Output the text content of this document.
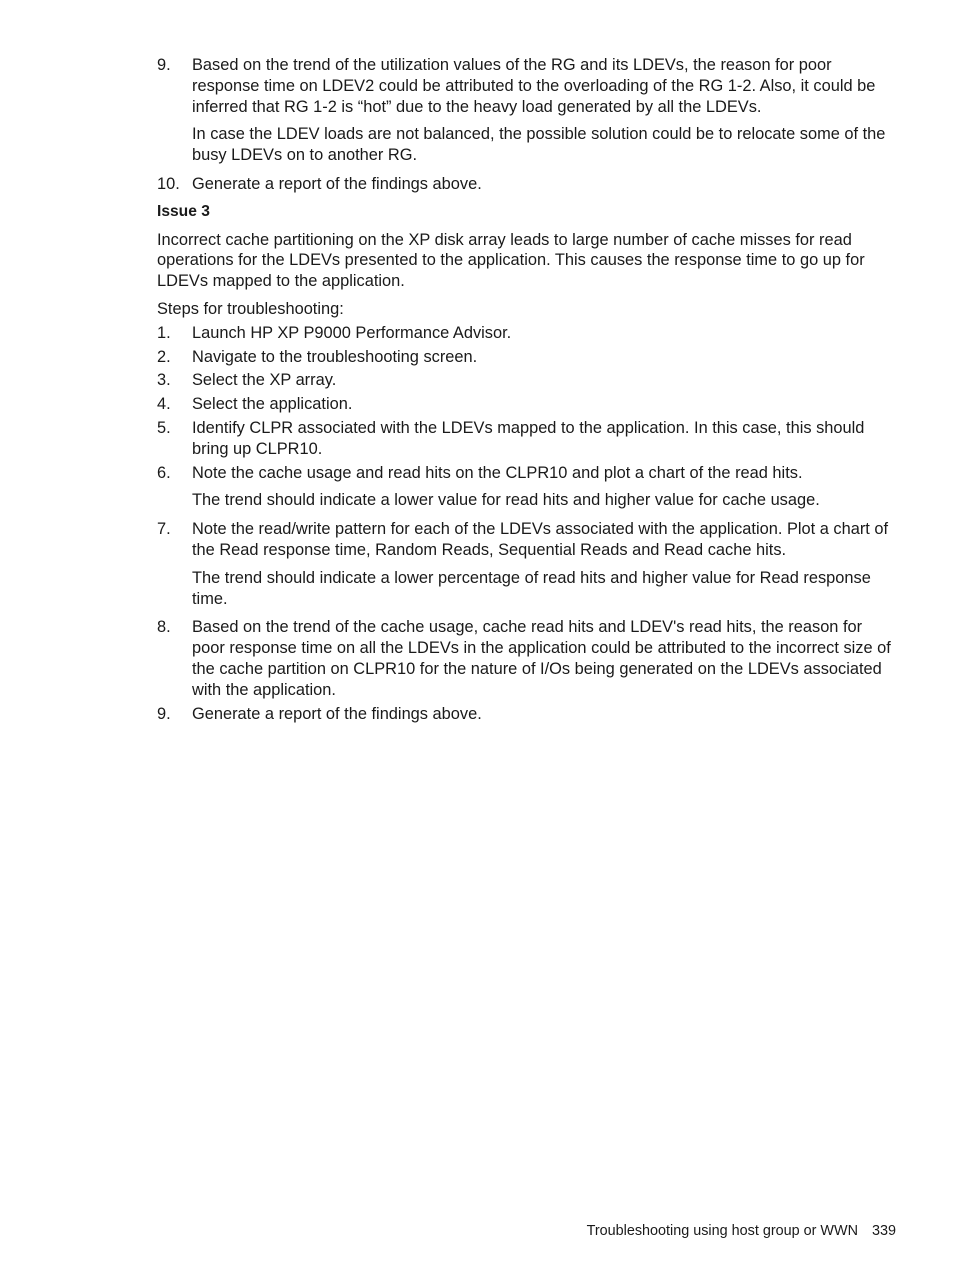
9. Based on the trend of the utilization values of the RG and its LDEVs, the reason for poor response time on LDEV2 could be attributed to the overloading of the RG 1-2. Also, it could be inferred that RG 1-2 is “hot” due to the heavy load generated by all the LDEVs.

In case the LDEV loads are not balanced, the possible solution could be to relocate some of the busy LDEVs on to another RG.

10. Generate a report of the findings above.

Issue 3

Incorrect cache partitioning on the XP disk array leads to large number of cache misses for read operations for the LDEVs presented to the application. This causes the response time to go up for LDEVs mapped to the application.

Steps for troubleshooting:

1. Launch HP XP P9000 Performance Advisor.

2. Navigate to the troubleshooting screen.

3. Select the XP array.

4. Select the application.

5. Identify CLPR associated with the LDEVs mapped to the application. In this case, this should bring up CLPR10.

6. Note the cache usage and read hits on the CLPR10 and plot a chart of the read hits.

The trend should indicate a lower value for read hits and higher value for cache usage.

7. Note the read/write pattern for each of the LDEVs associated with the application. Plot a chart of the Read response time, Random Reads, Sequential Reads and Read cache hits.

The trend should indicate a lower percentage of read hits and higher value for Read response time.

8. Based on the trend of the cache usage, cache read hits and LDEV's read hits, the reason for poor response time on all the LDEVs in the application could be attributed to the incorrect size of the cache partition on CLPR10 for the nature of I/Os being generated on the LDEVs associated with the application.

9. Generate a report of the findings above.

Troubleshooting using host group or WWN 339
